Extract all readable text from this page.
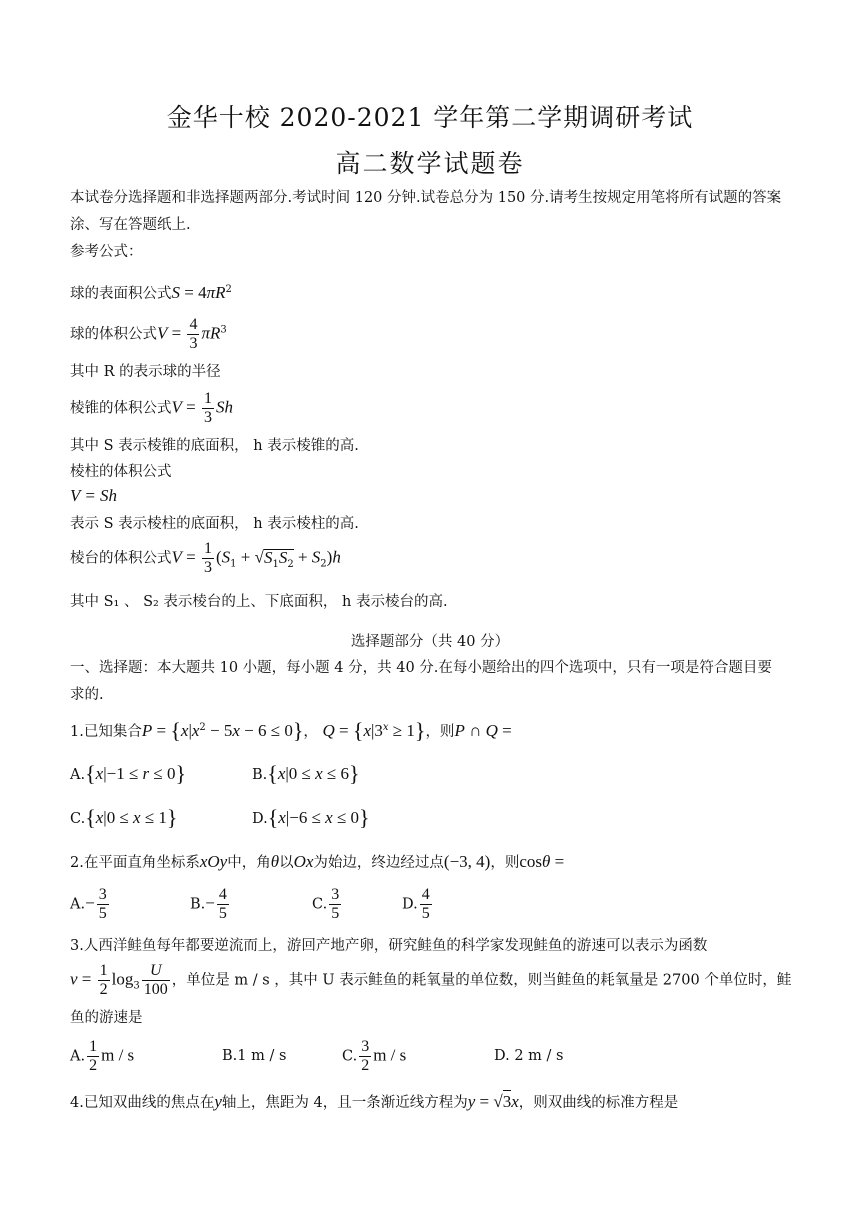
金华十校 2020-2021 学年第二学期调研考试
高二数学试题卷
本试卷分选择题和非选择题两部分.考试时间 120 分钟.试卷总分为 150 分.请考生按规定用笔将所有试题的答案
涂、写在答题纸上.
参考公式：
球的表面积公式$S = 4\pi R^2$
球的体积公式$V = \frac{4}{3} \pi R^3$
其中 R 的表示球的半径
棱锥的体积公式$V = \frac{1}{3}$ Sh
其中 S 表示棱锥的底面积， h 表示棱锥的高.
棱柱的体积公式
V = Sh
表示 S 表示棱柱的底面积， h 表示棱柱的高.
棱台的体积公式$V = \frac{1}{3} (S_1 + √S_1S_2 + S_2)h$
其中 S₁ 、 S₂ 表示棱台的上、下底面积， h 表示棱台的高.
选择题部分（共 40 分）
一、选择题：本大题共 10 小题，每小题 4 分，共 40 分.在每小题给出的四个选项中，只有一项是符合题目要
求的.
1.已知集合$P = \{x|x^2 - 5x - 6 \le 0\}$， $Q = \{x|3^x \ge 1\}$，则P ∩ Q =
A.{x|−1 ≤ r ≤ 0}	B.{x|0 ≤ x ≤ 6}
C.{x|0 ≤ x ≤ 1}	D.{x|−6 ≤ x ≤ 0}
2.在平面直角坐标系xOy中，角θ以Ox为始边，终边经过点(−3, 4)，则cosθ =
$A.- \frac{3}{5}$	$B.- \frac{4}{5}$	C. $\frac{3}{5}$	D. $\frac{4}{5}$
3.人西洋鲑鱼每年都要逆流而上，游回产地产卵，研究鲑鱼的科学家发现鲑鱼的游速可以表示为函数
$v = \frac{1}{2} \log_3 \frac{U}{100}$ ，单位是 m / s ，其中 U 表示鲑鱼的耗氧量的单位数，则当鲑鱼的耗氧量是 2700 个单位时，鲑
鱼的游速是
A. $\frac{1}{2}$ m / s	B.1 m / s	C. $\frac{3}{2}$ m / s	D. 2 m / s
4.已知双曲线的焦点在y轴上，焦距为 4，且一条渐近线方程为y = √3x，则双曲线的标准方程是
